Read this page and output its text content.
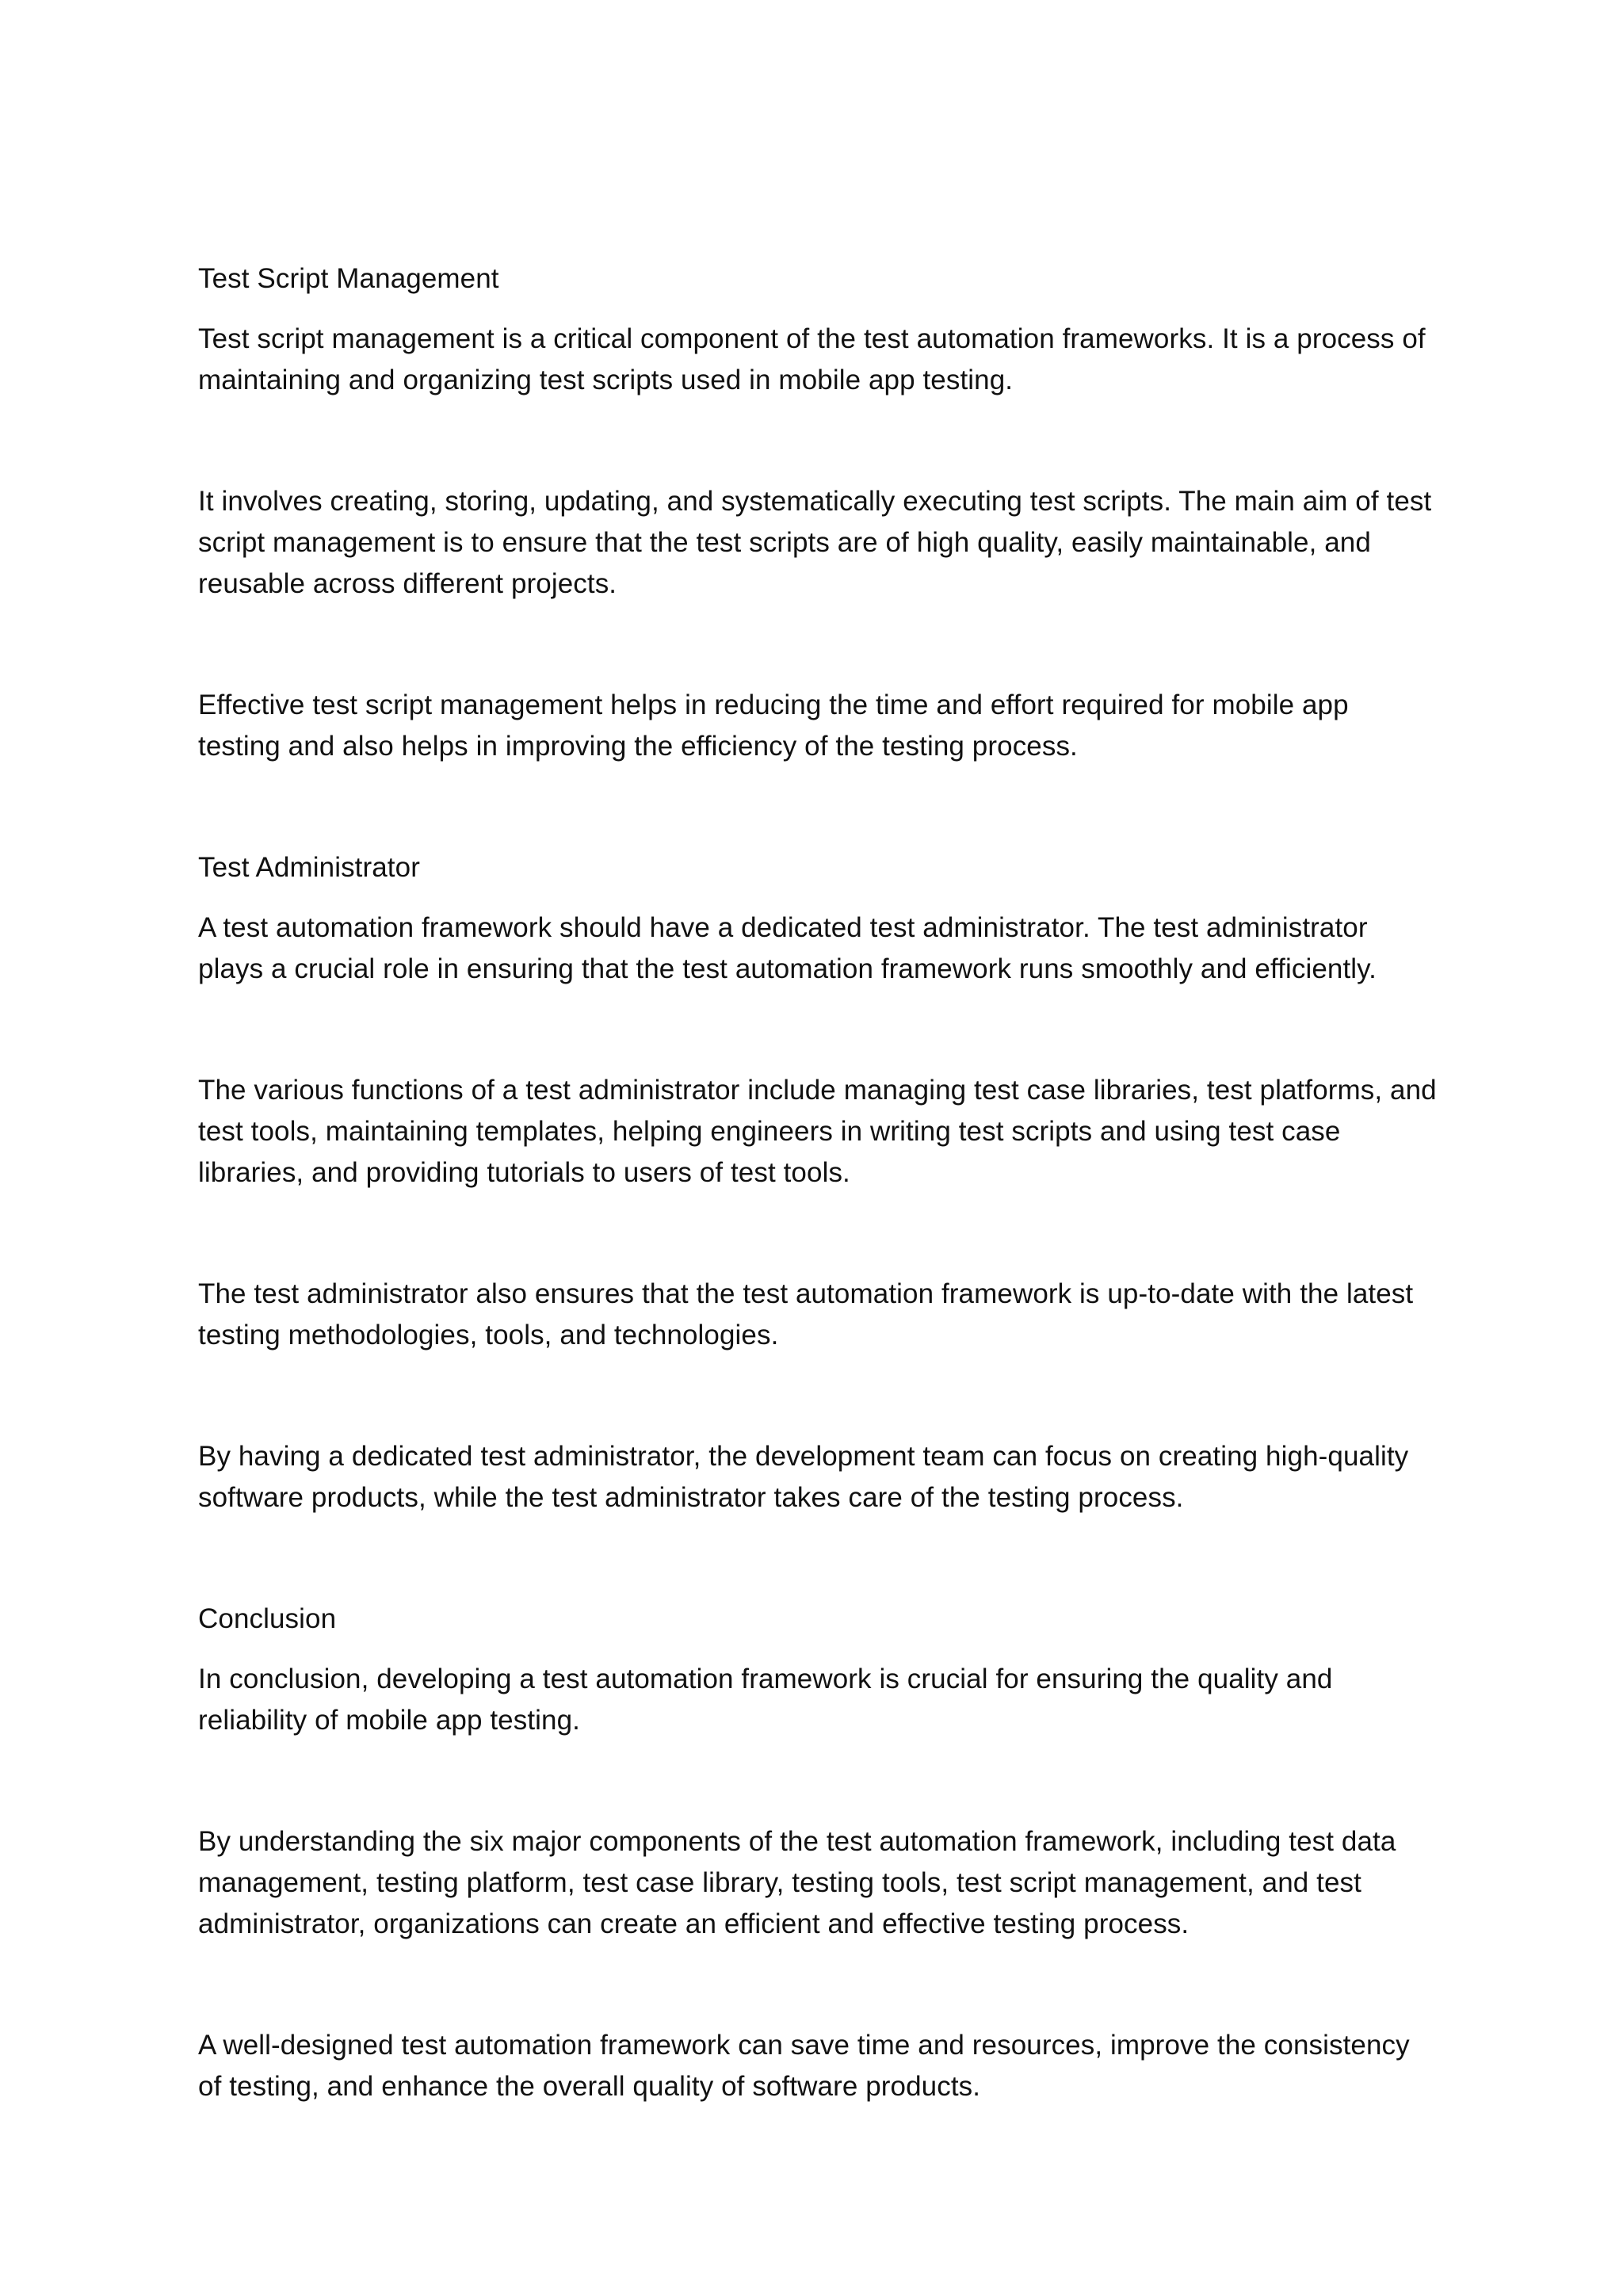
Test Script Management

Test script management is a critical component of the test automation frameworks. It is a process of
maintaining and organizing test scripts used in mobile app testing.

It involves creating, storing, updating, and systematically executing test scripts. The main aim of test
script management is to ensure that the test scripts are of high quality, easily maintainable, and
reusable across different projects.

Effective test script management helps in reducing the time and effort required for mobile app
testing and also helps in improving the efficiency of the testing process.

Test Administrator

A test automation framework should have a dedicated test administrator. The test administrator
plays a crucial role in ensuring that the test automation framework runs smoothly and efficiently.

The various functions of a test administrator include managing test case libraries, test platforms, and
test tools, maintaining templates, helping engineers in writing test scripts and using test case
libraries, and providing tutorials to users of test tools.

The test administrator also ensures that the test automation framework is up-to-date with the latest
testing methodologies, tools, and technologies.

By having a dedicated test administrator, the development team can focus on creating high-quality
software products, while the test administrator takes care of the testing process.

Conclusion

In conclusion, developing a test automation framework is crucial for ensuring the quality and
reliability of mobile app testing.

By understanding the six major components of the test automation framework, including test data
management, testing platform, test case library, testing tools, test script management, and test
administrator, organizations can create an efficient and effective testing process.

A well-designed test automation framework can save time and resources, improve the consistency
of testing, and enhance the overall quality of software products.
